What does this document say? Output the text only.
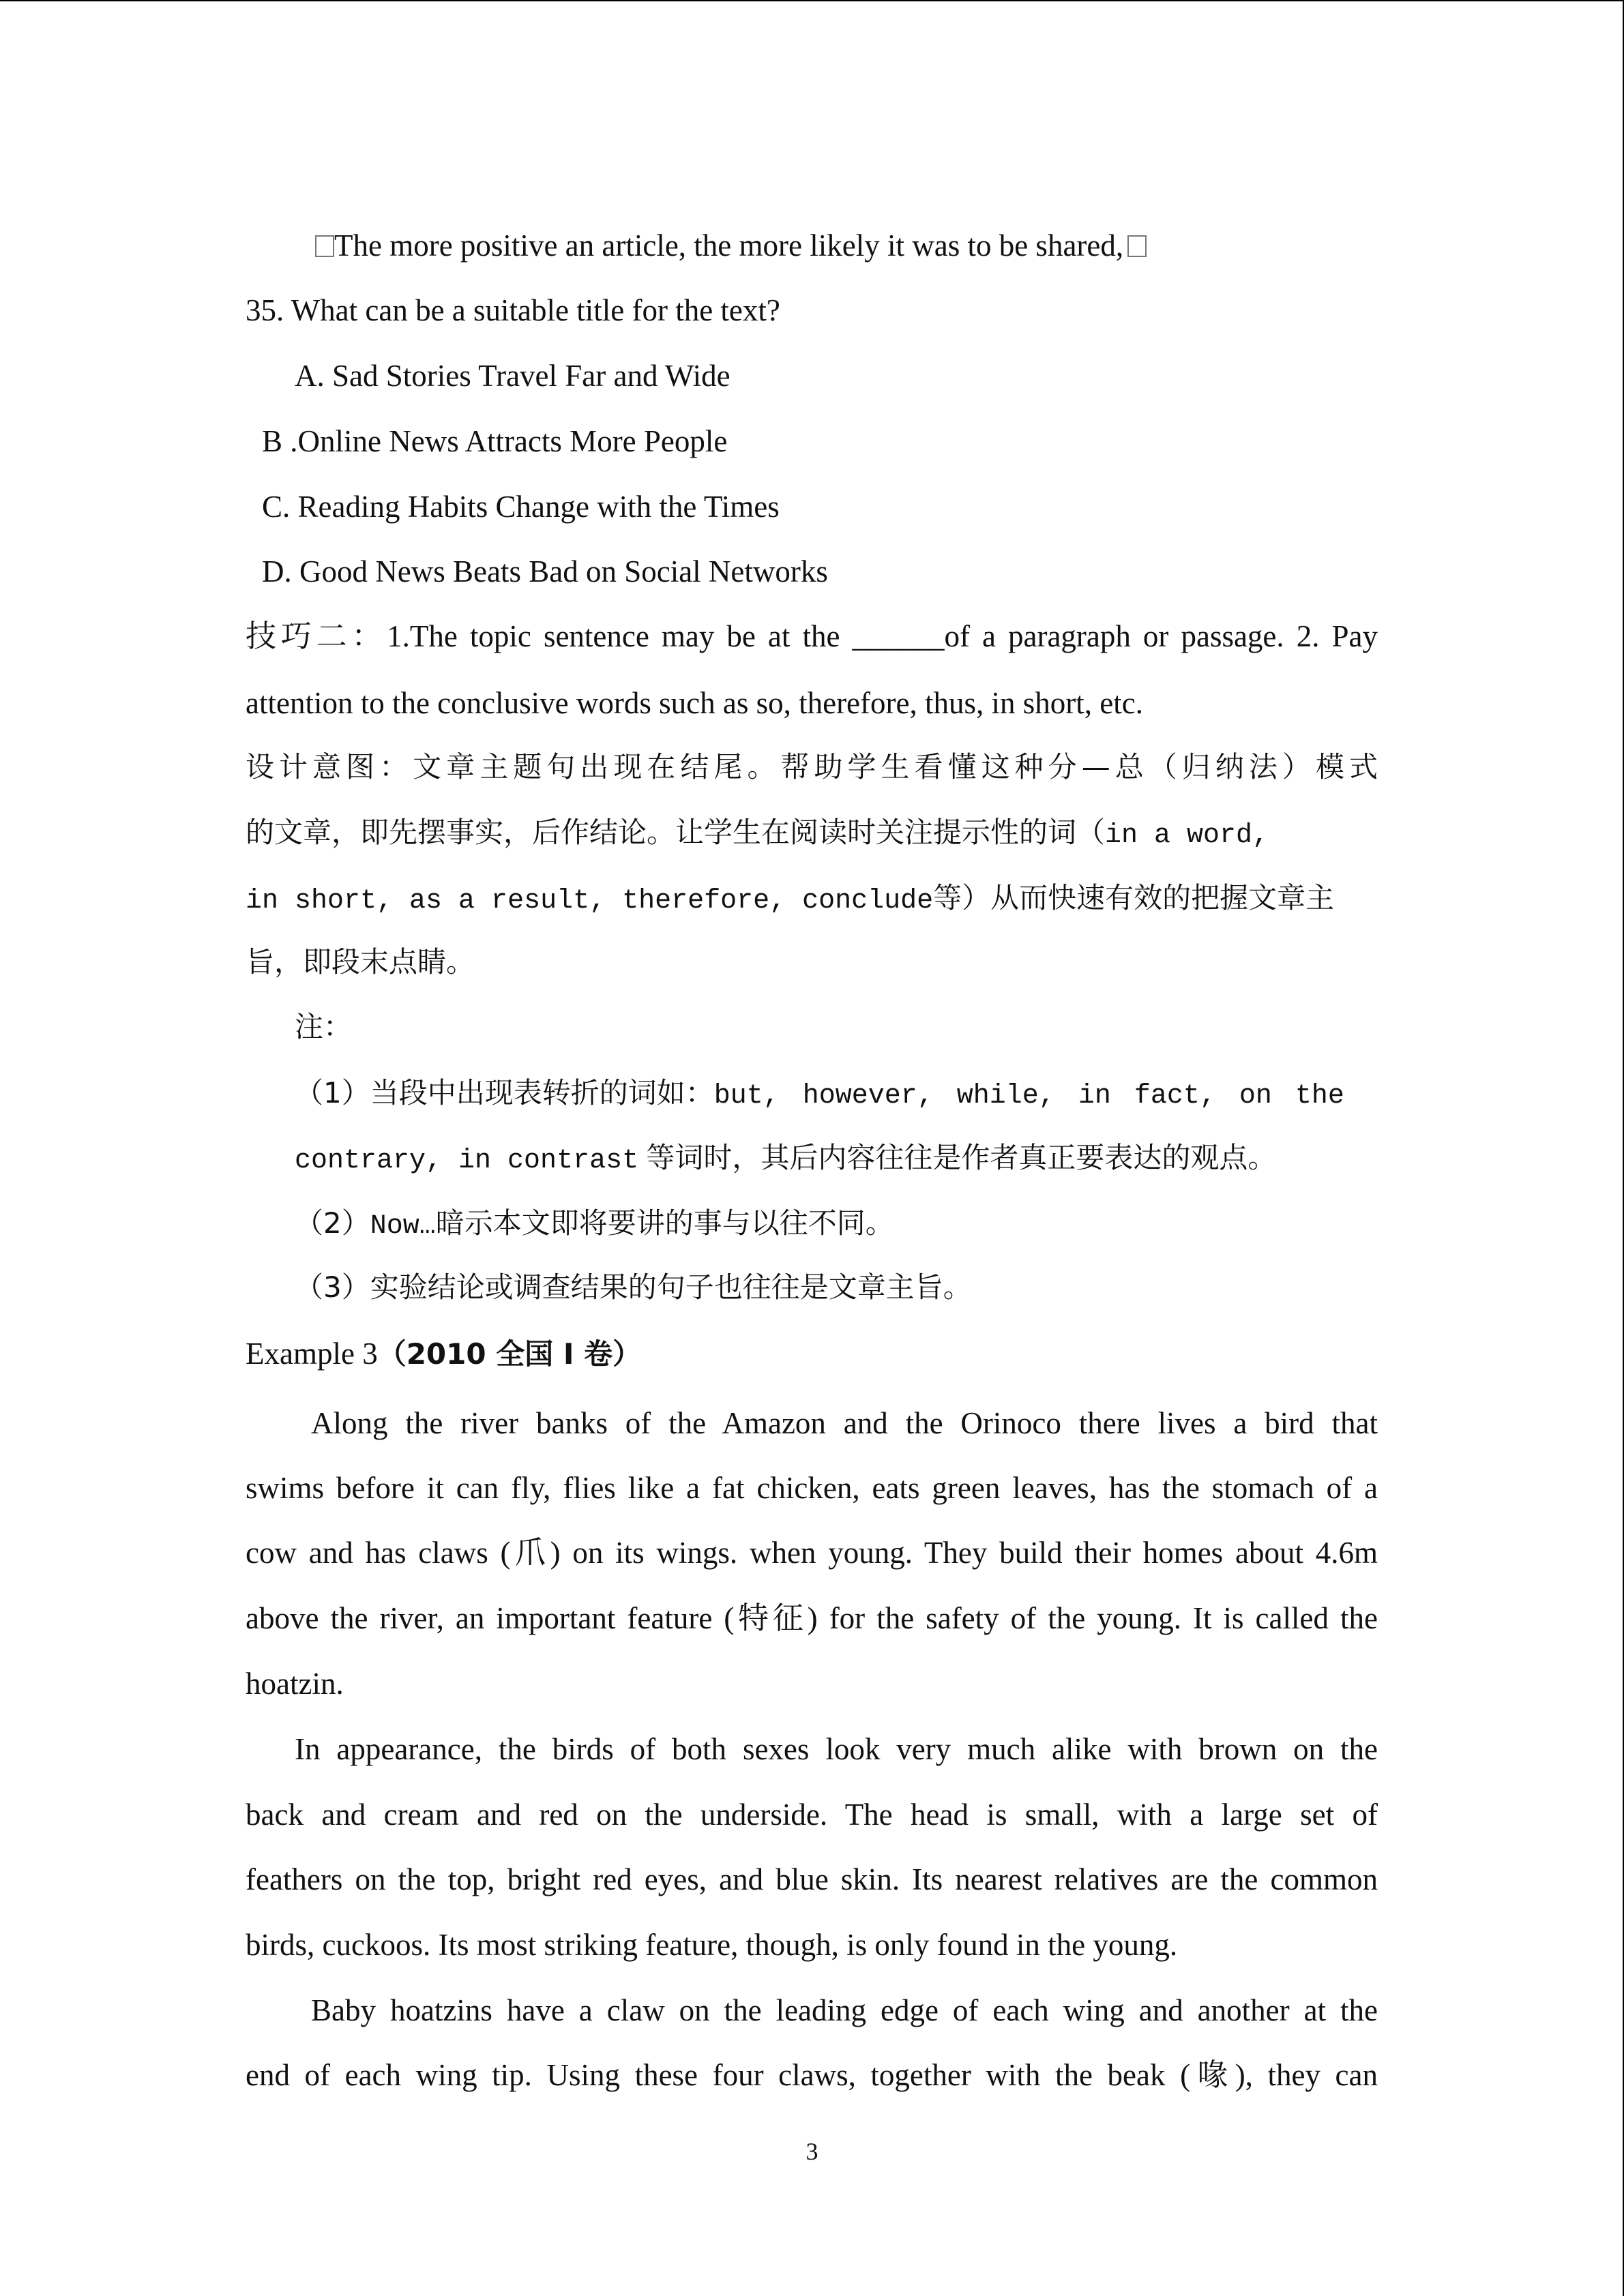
The more positive an article, the more likely it was to be shared,
35. What can be a suitable title for the text?
A. Sad Stories Travel Far and Wide
B .Online News Attracts More People
C. Reading Habits Change with the Times
D. Good News Beats Bad on Social Networks
技巧二：1.The topic sentence may be at the ______of a paragraph or passage. 2. Pay
attention to the conclusive words such as so, therefore, thus, in short, etc.
设计意图：文章主题句出现在结尾。帮助学生看懂这种分—总（归纳法）模式
的文章，即先摆事实，后作结论。让学生在阅读时关注提示性的词（in a word,
in short, as a result, therefore, conclude等）从而快速有效的把握文章主
旨，即段末点睛。
注：
（1）当段中出现表转折的词如：but, however, while, in fact, on the
contrary, in contrast 等词时，其后内容往往是作者真正要表达的观点。
（2）Now…暗示本文即将要讲的事与以往不同。
（3）实验结论或调查结果的句子也往往是文章主旨。
Example 3（2010 全国 I 卷）
Along the river banks of the Amazon and the Orinoco there lives a bird that
swims before it can fly, flies like a fat chicken, eats green leaves, has the stomach of a
cow and has claws (爪) on its wings. when young. They build their homes about 4.6m
above the river, an important feature (特征) for the safety of the young. It is called the
hoatzin.
In appearance, the birds of both sexes look very much alike with brown on the
back and cream and red on the underside. The head is small, with a large set of
feathers on the top, bright red eyes, and blue skin. Its nearest relatives are the common
birds, cuckoos. Its most striking feature, though, is only found in the young.
Baby hoatzins have a claw on the leading edge of each wing and another at the
end of each wing tip. Using these four claws, together with the beak (喙), they can
3
